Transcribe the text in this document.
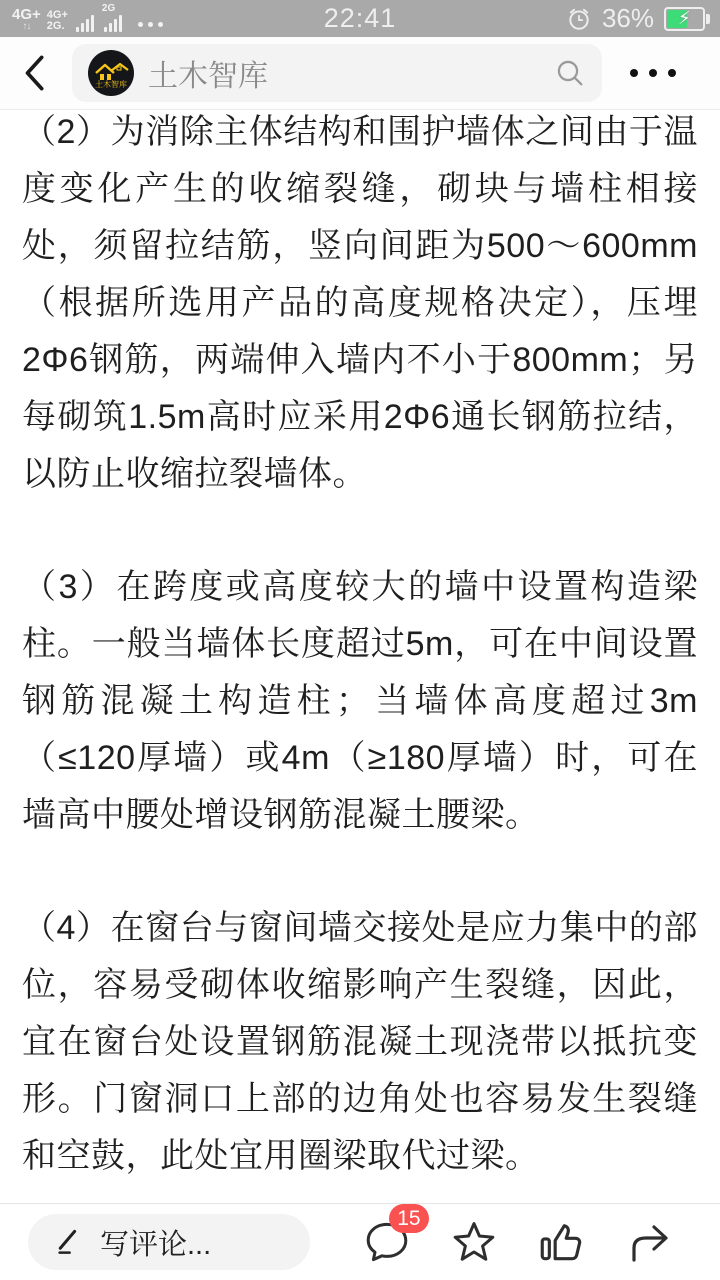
4G+
↑↓
4G+
2G.
2G	22:41	36% ⚡
土木智库 土木智库

（2）为消除主体结构和围护墙体之间由于温度变化产生的收缩裂缝，砌块与墙柱相接处，须留拉结筋，竖向间距为500～600mm（根据所选用产品的高度规格决定），压埋2Φ6钢筋，两端伸入墙内不小于800mm；另每砌筑1.5m高时应采用2Φ6通长钢筋拉结，以防止收缩拉裂墙体。

（3）在跨度或高度较大的墙中设置构造梁柱。一般当墙体长度超过5m，可在中间设置钢筋混凝土构造柱；当墙体高度超过3m（≤120厚墙）或4m（≥180厚墙）时，可在墙高中腰处增设钢筋混凝土腰梁。

（4）在窗台与窗间墙交接处是应力集中的部位，容易受砌体收缩影响产生裂缝，因此，宜在窗台处设置钢筋混凝土现浇带以抵抗变形。门窗洞口上部的边角处也容易发生裂缝和空鼓，此处宜用圈梁取代过梁。

写评论...
15
